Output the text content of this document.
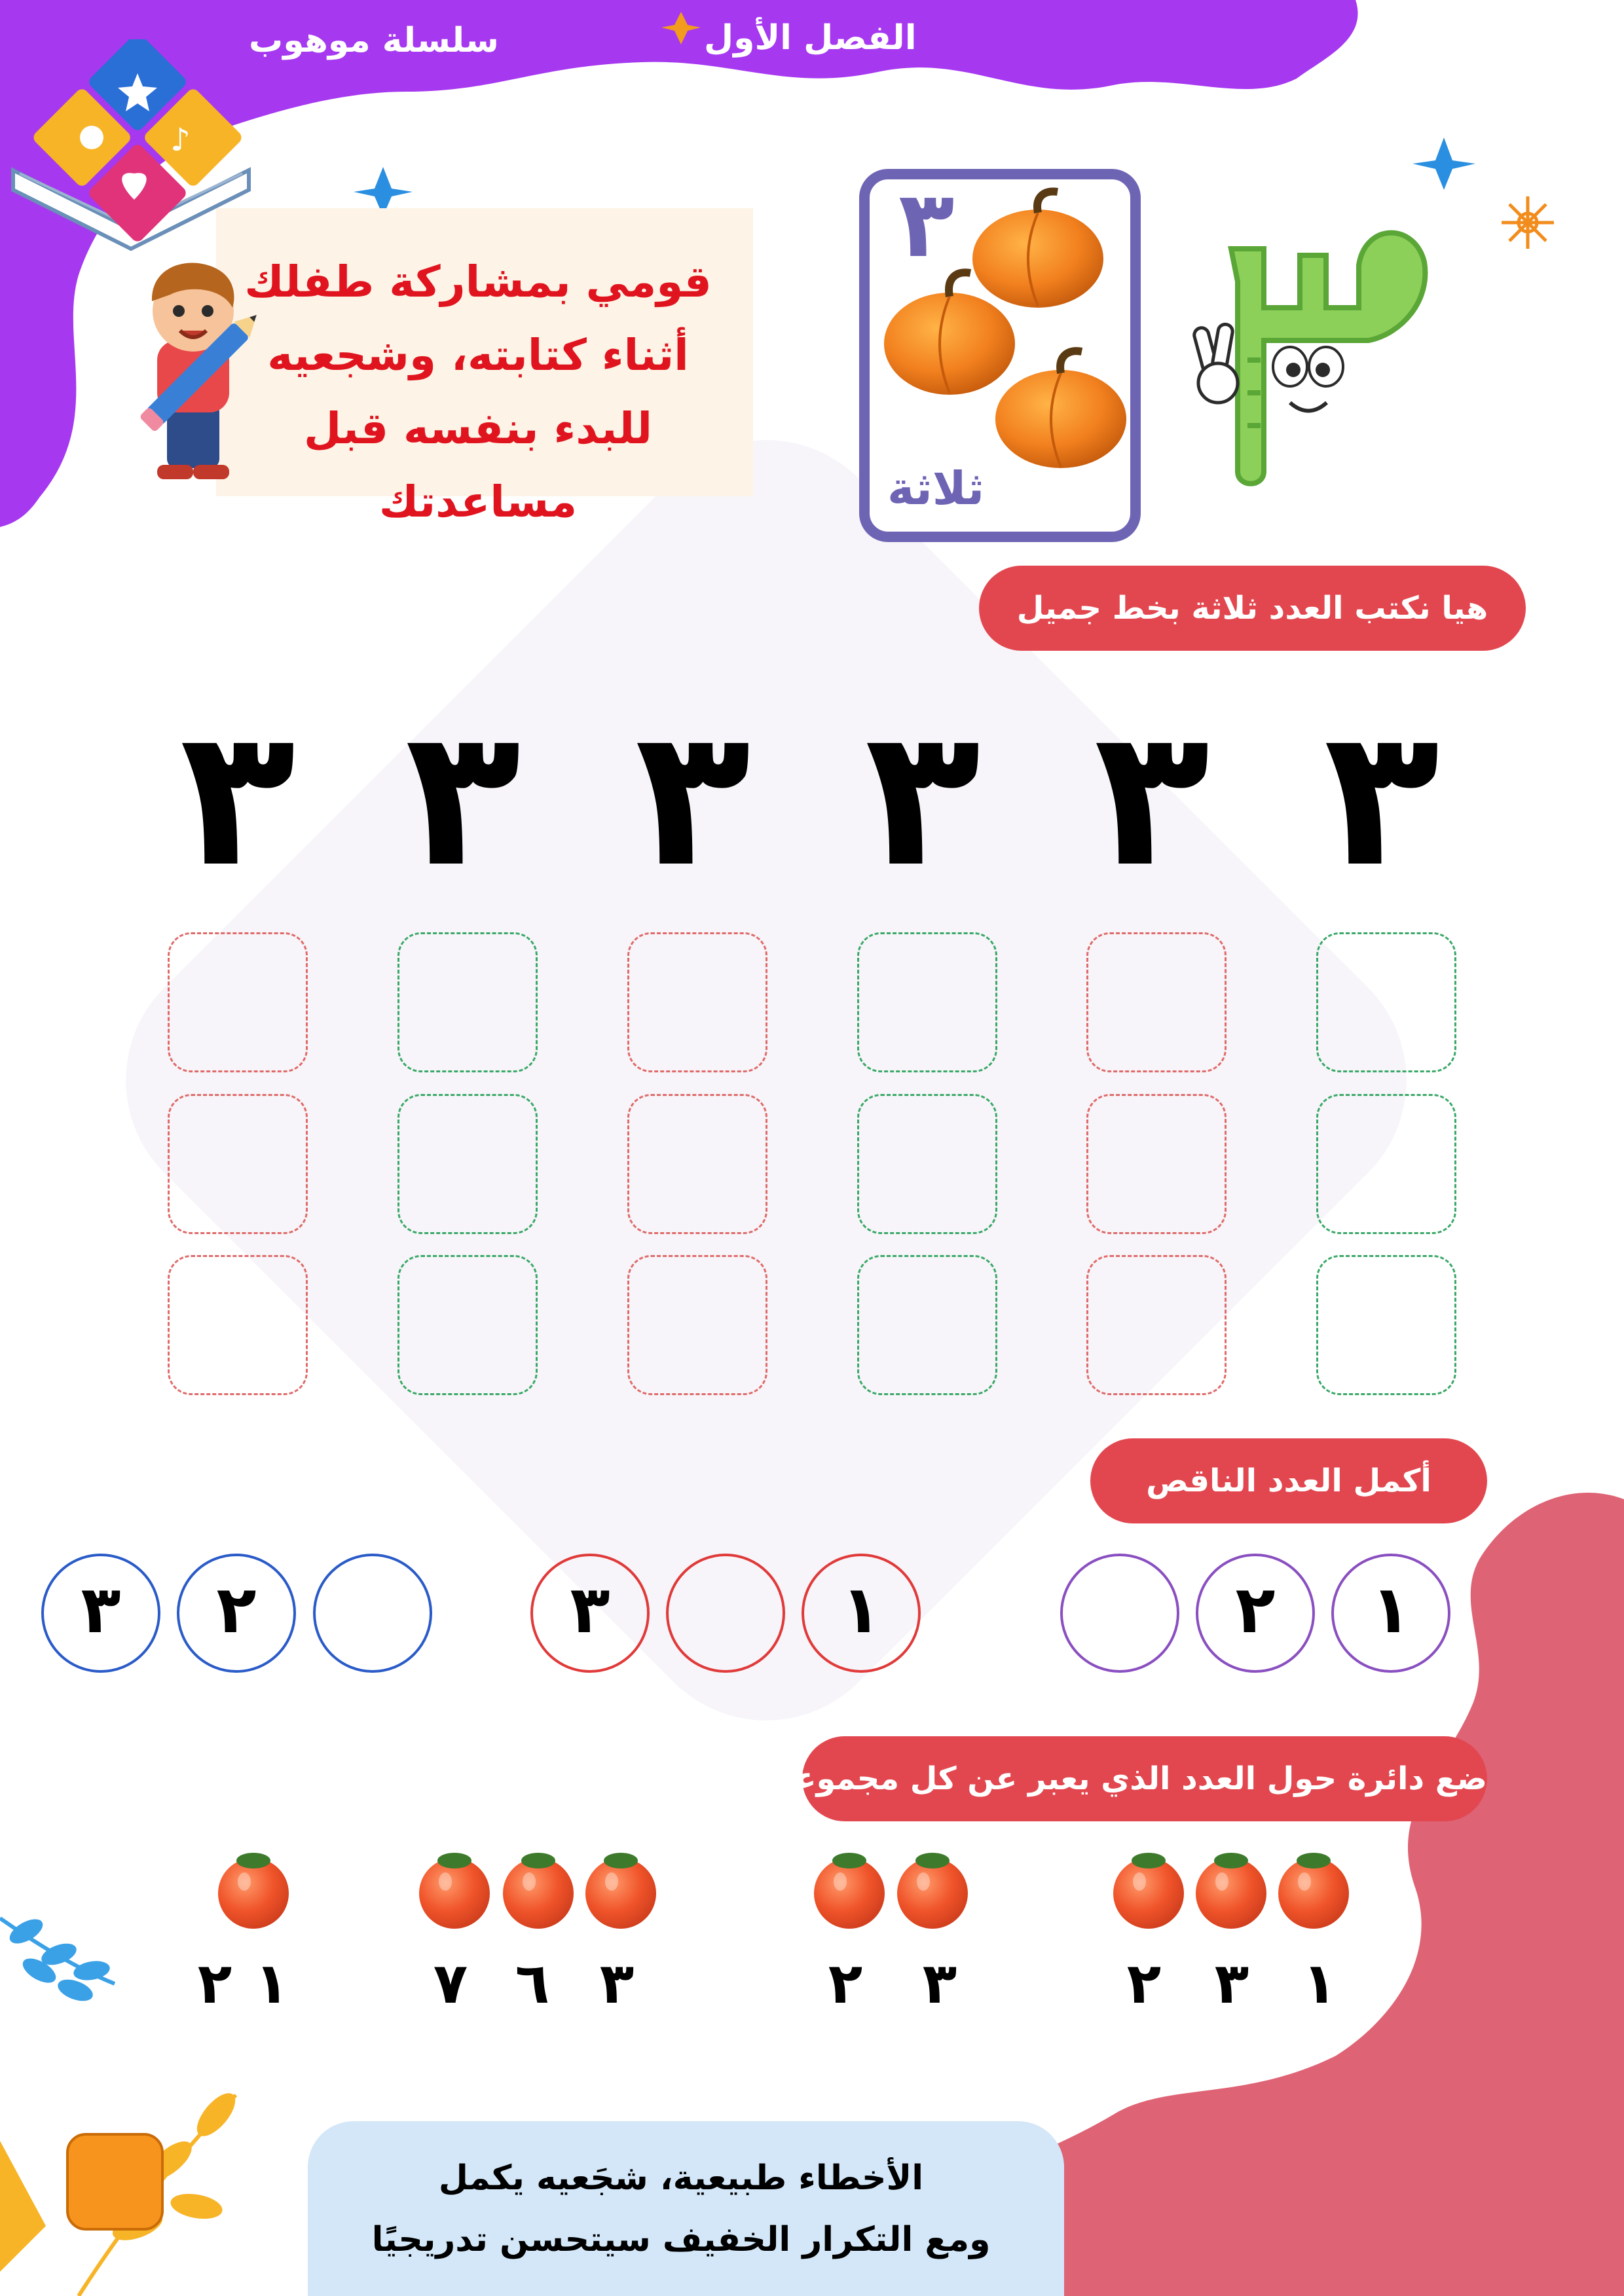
الفصل الأول
سلسلة موهوب
♪
قومي بمشاركة طفلك
أثناء كتابته، وشجعيه
للبدء بنفسه قبل مساعدتك
٣
ثلاثة
هيا نكتب العدد ثلاثة بخط جميل
٣
٣
٣
٣
٣
٣
أكمل العدد الناقص
١
٢
١
٣
٢
٣
ضع دائرة حول العدد الذي يعبر عن كل مجموعة
١
٣
٢
٣
٢
٣
٦
٧
١
٢
الأخطاء طبيعية، شجَعيه يكمل
ومع التكرار الخفيف سيتحسن تدريجيًا
